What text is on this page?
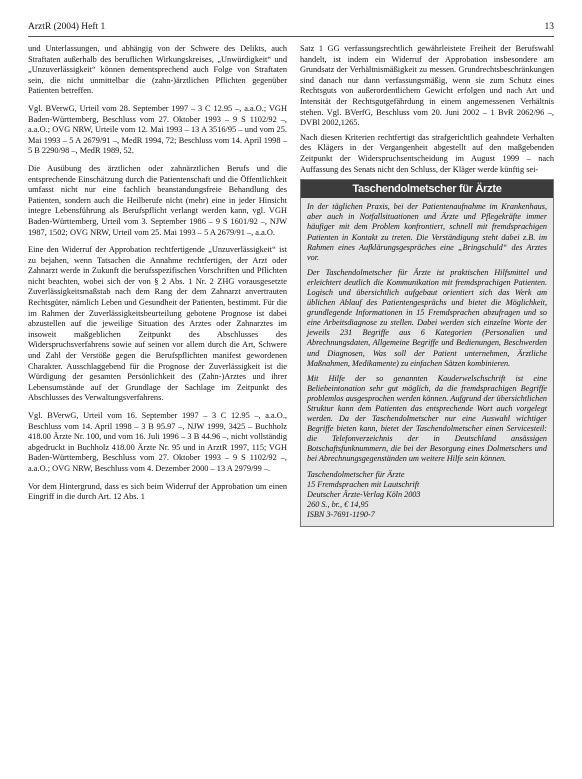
ArztR (2004) Heft 1	13

und Unterlassungen, und abhängig von der Schwere des Delikts, auch Straftaten außerhalb des beruflichen Wirkungskreises, „Unwürdigkeit“ und „Unzuverlässigkeit“ können dementsprechend auch Folge von Straftaten sein, die nicht unmittelbar die (zahn-)ärztlichen Pflichten gegenüber Patienten betreffen.

Vgl. BVerwG, Urteil vom 28. September 1997 – 3 C 12.95 –, a.a.O.; VGH Baden-Württemberg, Beschluss vom 27. Oktober 1993 – 9 S 1102/92 –, a.a.O.; OVG NRW, Urteile vom 12. Mai 1993 – 13 A 3516/95 – und vom 25. Mai 1993 – 5 A 2679/91 –, MedR 1994, 72; Beschluss vom 14. April 1998 – 5 B 2290/98 –, MedR 1989, 52.

Die Ausübung des ärztlichen oder zahnärztlichen Berufs und die entsprechende Einschätzung durch die Patientenschaft und die Öffentlichkeit umfasst nicht nur eine fachlich beanstandungsfreie Behandlung des Patienten, sondern auch die Heilberufe nicht (mehr) eine in jeder Hinsicht integre Lebensführung als Berufspflicht verlangt werden kann, vgl. VGH Baden-Württemberg, Urteil vom 3. September 1986 – 9 S 1601/92 –, NJW 1987, 1502; OVG NRW, Urteil vom 25. Mai 1993 – 5 A 2679/91 –, a.a.O.

Eine den Widerruf der Approbation rechtfertigende „Unzuverlässigkeit“ ist zu bejahen, wenn Tatsachen die Annahme rechtfertigen, der Arzt oder Zahnarzt werde in Zukunft die berufsspezifischen Vorschriften und Pflichten nicht beachten, wobei sich der von § 2 Abs. 1 Nr. 2 ZHG vorausgesetzte Zuverlässigkeitsmaßstab nach dem Rang der dem Zahnarzt anvertrauten Rechtsgüter, nämlich Leben und Gesundheit der Patienten, bestimmt. Für die im Rahmen der Zuverlässigkeitsbeurteilung gebotene Prognose ist dabei abzustellen auf die jeweilige Situation des Arztes oder Zahnarztes im insoweit maßgeblichen Zeitpunkt des Abschlusses des Widerspruchsverfahrens sowie auf seinen vor allem durch die Art, Schwere und Zahl der Verstöße gegen die Berufspflichten manifest gewordenen Charakter. Ausschlaggebend für die Prognose der Zuverlässigkeit ist die Würdigung der gesamten Persönlichkeit des (Zahn-)Arztes und ihrer Lebensumstände auf der Grundlage der Sachlage im Zeitpunkt des Abschlusses des Verwaltungsverfahrens.

Vgl. BVerwG, Urteil vom 16. September 1997 – 3 C 12.95 –, a.a.O., Beschluss vom 14. April 1998 – 3 B 95.97 –, NJW 1999, 3425 – Buchholz 418.00 Ärzte Nr. 100, und vom 16. Juli 1996 – 3 B 44.96 –, nicht vollständig abgedruckt in Buchholz 418.00 Ärzte Nr. 95 und in ArztR 1997, 115; VGH Baden-Württemberg, Beschluss vom 27. Oktober 1993 – 9 S 1102/92 –, a.a.O.; OVG NRW, Beschluss vom 4. Dezember 2000 – 13 A 2979/99 –.

Vor dem Hintergrund, dass es sich beim Widerruf der Approbation um einen Eingriff in die durch Art. 12 Abs. 1

Satz 1 GG verfassungsrechtlich gewährleistete Freiheit der Berufswahl handelt, ist indem ein Widerruf der Approbation insbesondere am Grundsatz der Verhältnismäßigkeit zu messen. Grundrechtsbeschränkungen sind danach nur dann verfassungsmäßig, wenn sie zum Schutz eines Rechtsguts von außerordentlichem Gewicht erfolgen und nach Art und Intensität der Rechtsgutgefährdung in einem angemessenen Verhältnis stehen. Vgl. BVerfG, Beschluss vom 20. Juni 2002 – 1 BvR 2062/96 –, DVBl 2002,1265.

Nach diesen Kriterien rechtfertigt das strafgerichtlich geahndete Verhalten des Klägers in der Vergangenheit abgestellt auf den maßgebenden Zeitpunkt der Widerspruchsentscheidung im August 1999 – nach Auffassung des Senats nicht den Schluss, der Kläger werde künftig sei-

Taschendolmetscher für Ärzte

In der täglichen Praxis, bei der Patientenaufnahme im Krankenhaus, aber auch in Notfallsituationen und Ärzte und Pflegekräfte immer häufiger mit dem Problem konfrontiert, schnell mit fremdsprachigen Patienten in Kontakt zu treten. Die Verständigung steht dabei z.B. im Rahmen eines Aufklärungsgespräches eine „Bringschuld“ des Arztes vor.

Der Taschendolmetscher für Ärzte ist praktischen Hilfsmittel und erleichtert deutlich die Kommunikation mit fremdsprachigen Patienten. Logisch und übersichtlich aufgebaut orientiert sich das Werk am üblichen Ablauf des Patientengesprächs und bietet die Möglichkeit, grundlegende Informationen in 15 Fremdsprachen abzufragen und so eine Arbeitsdiagnose zu stellen. Dabei werden sich einzelne Worte der jeweils 231 Begriffe aus 6 Kategorien (Personalien und Abrechnungsdaten, Allgemeine Begriffe und Bedienungen, Beschwerden und Diagnosen, Was soll der Patient unternehmen, Ärztliche Maßnahmen, Medikamente) zu einfachen Sätzen kombinieren.

Mit Hilfe der so genannten Kauderwelschschrift ist eine Beliebeintonation sehr gut möglich, da die fremdsprachigen Begriffe problemlos ausgesprochen werden können. Aufgrund der übersichtlichen Struktur kann dem Patienten das entsprechende Wort auch vorgelegt werden. Da der Taschendolmetscher nur eine Auswahl wichtiger Begriffe bieten kann, bietet der Taschendolmetscher einen Servicesteil: die Telefonverzeichnis der in Deutschland ansässigen Botschaftsfunknummern, die bei der Besorgung eines Dolmetschers und bei Abrechnungsgegenständen um weitere Hilfe sein können.

Taschendolmetscher für Ärzte
15 Fremdsprachen mit Lautschrift
Deutscher Ärzte-Verlag Köln 2003
260 S., br., € 14,95
ISBN 3-7691-1190-7
